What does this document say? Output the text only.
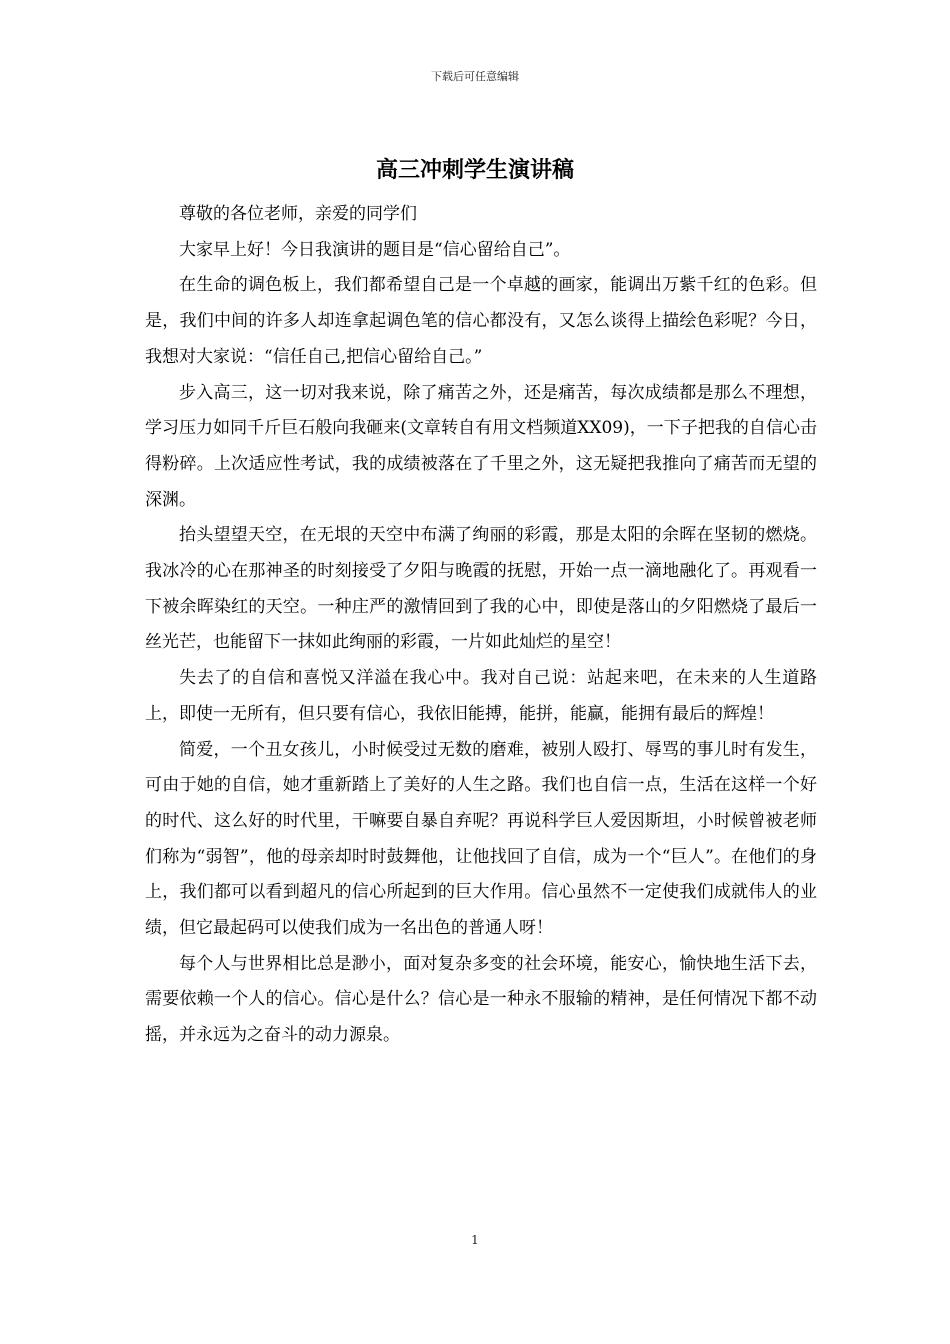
下载后可任意编辑
高三冲刺学生演讲稿

尊敬的各位老师，亲爱的同学们

大家早上好！今日我演讲的题目是“信心留给自己”。

在生命的调色板上，我们都希望自己是一个卓越的画家，能调出万紫千红的色彩。但是，我们中间的许多人却连拿起调色笔的信心都没有，又怎么谈得上描绘色彩呢？今日，我想对大家说：“信任自己,把信心留给自己。”

步入高三，这一切对我来说，除了痛苦之外，还是痛苦，每次成绩都是那么不理想，学习压力如同千斤巨石般向我砸来(文章转自有用文档频道XX09)，一下子把我的自信心击得粉碎。上次适应性考试，我的成绩被落在了千里之外，这无疑把我推向了痛苦而无望的深渊。

抬头望望天空，在无垠的天空中布满了绚丽的彩霞，那是太阳的余晖在坚韧的燃烧。我冰冷的心在那神圣的时刻接受了夕阳与晚霞的抚慰，开始一点一滴地融化了。再观看一下被余晖染红的天空。一种庄严的激情回到了我的心中，即使是落山的夕阳燃烧了最后一丝光芒，也能留下一抹如此绚丽的彩霞，一片如此灿烂的星空！

失去了的自信和喜悦又洋溢在我心中。我对自己说：站起来吧，在未来的人生道路上，即使一无所有，但只要有信心，我依旧能搏，能拼，能赢，能拥有最后的辉煌！

简爱，一个丑女孩儿，小时候受过无数的磨难，被别人殴打、辱骂的事儿时有发生，可由于她的自信，她才重新踏上了美好的人生之路。我们也自信一点，生活在这样一个好的时代、这么好的时代里，干嘛要自暴自弃呢？再说科学巨人爱因斯坦，小时候曾被老师们称为“弱智”，他的母亲却时时鼓舞他，让他找回了自信，成为一个“巨人”。在他们的身上，我们都可以看到超凡的信心所起到的巨大作用。信心虽然不一定使我们成就伟人的业绩，但它最起码可以使我们成为一名出色的普通人呀！

每个人与世界相比总是渺小，面对复杂多变的社会环境，能安心，愉快地生活下去，需要依赖一个人的信心。信心是什么？信心是一种永不服输的精神，是任何情况下都不动摇，并永远为之奋斗的动力源泉。

1
